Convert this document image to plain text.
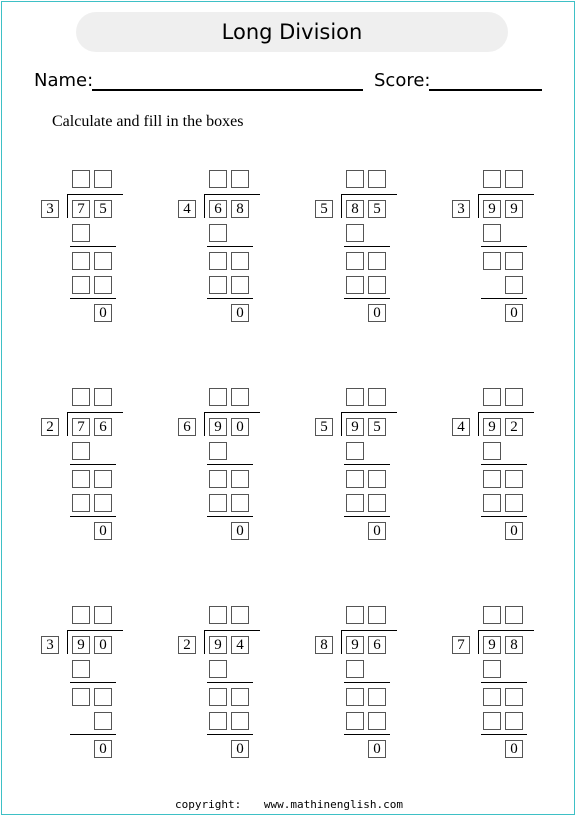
Long Division
Name:	Score:
Calculate and fill in the boxes
3	7 5
0
4	6 8
0
5	8 5
0
3	9 9
0
2	7 6
0
6	9 0
0
5	9 5
0
4	9 2
0
3	9 0
0
2	9 4
0
8	9 6
0
7	9 8
0
copyright: www.mathinenglish.com
